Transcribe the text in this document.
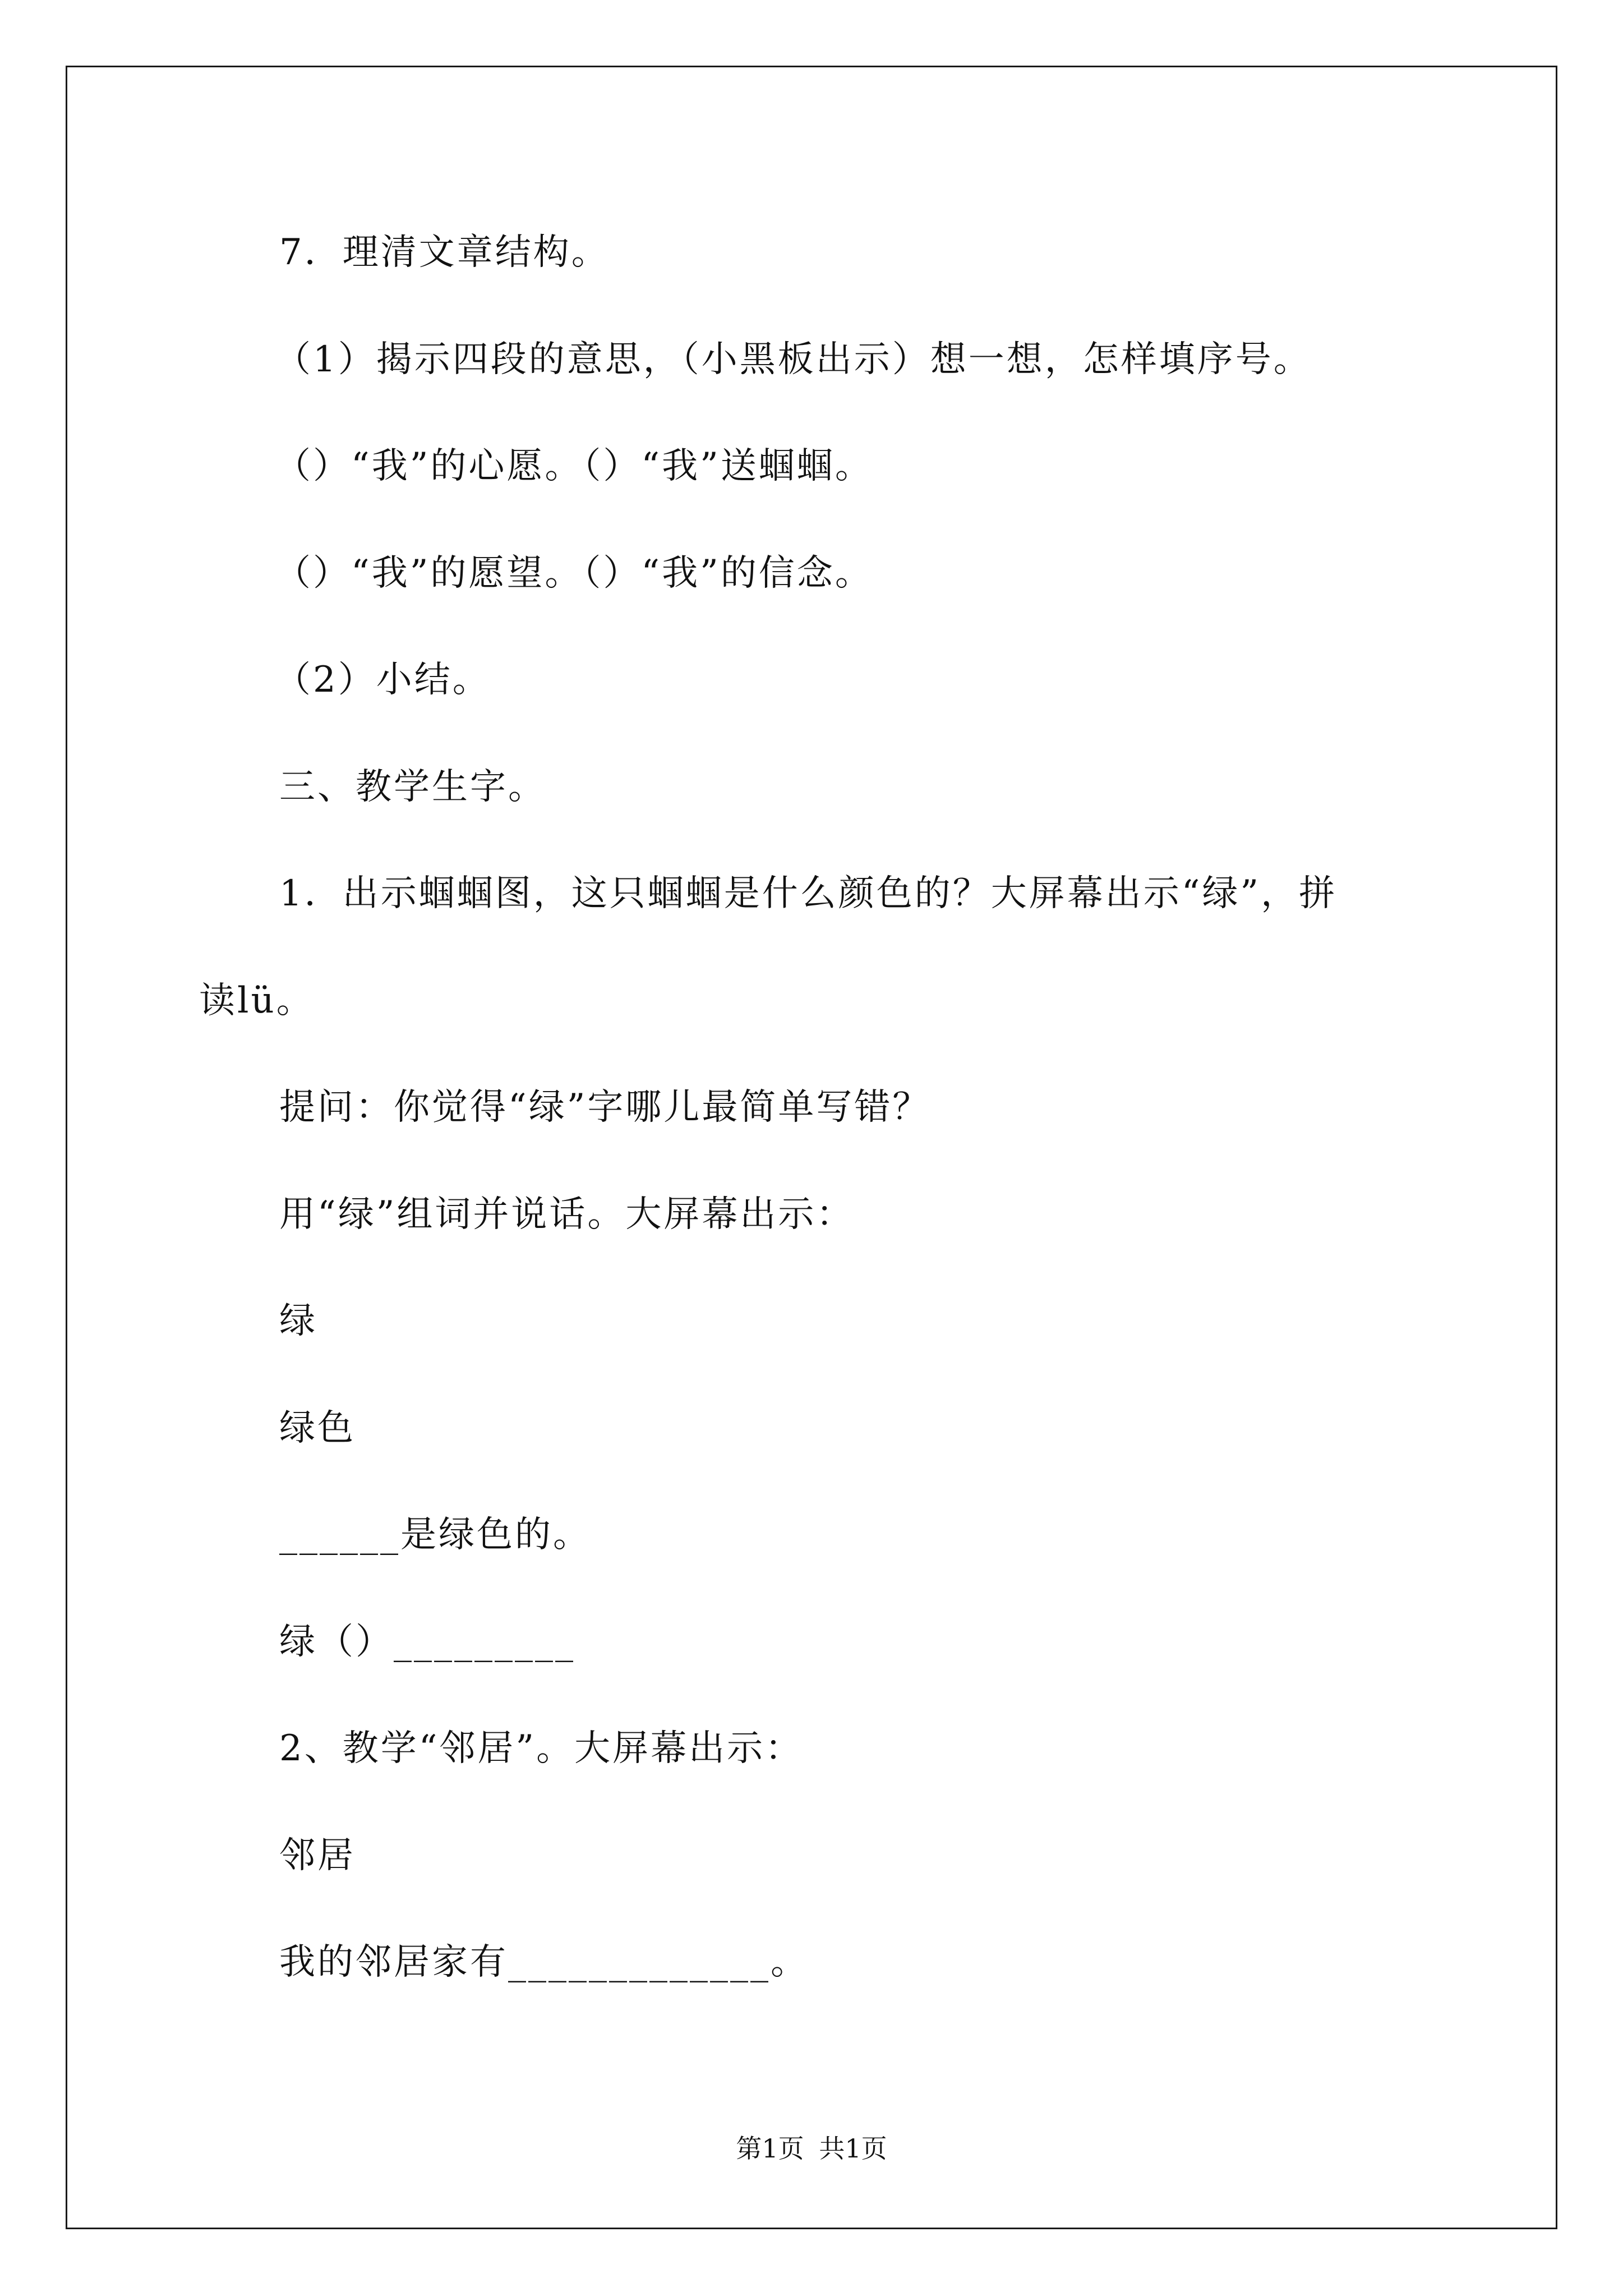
7．理清文章结构。
（1）揭示四段的意思，（小黑板出示）想一想，怎样填序号。
（）“我”的心愿。（）“我”送蝈蝈。
（）“我”的愿望。（）“我”的信念。
（2）小结。
三、教学生字。
1．出示蝈蝈图，这只蝈蝈是什么颜色的？大屏幕出示“绿”，拼
读lü。
提问：你觉得“绿”字哪儿最简单写错？
用“绿”组词并说话。大屏幕出示：
绿
绿色
______是绿色的。
绿（）_________
2、教学“邻居”。大屏幕出示：
邻居
我的邻居家有_____________。
第1页 共1页
